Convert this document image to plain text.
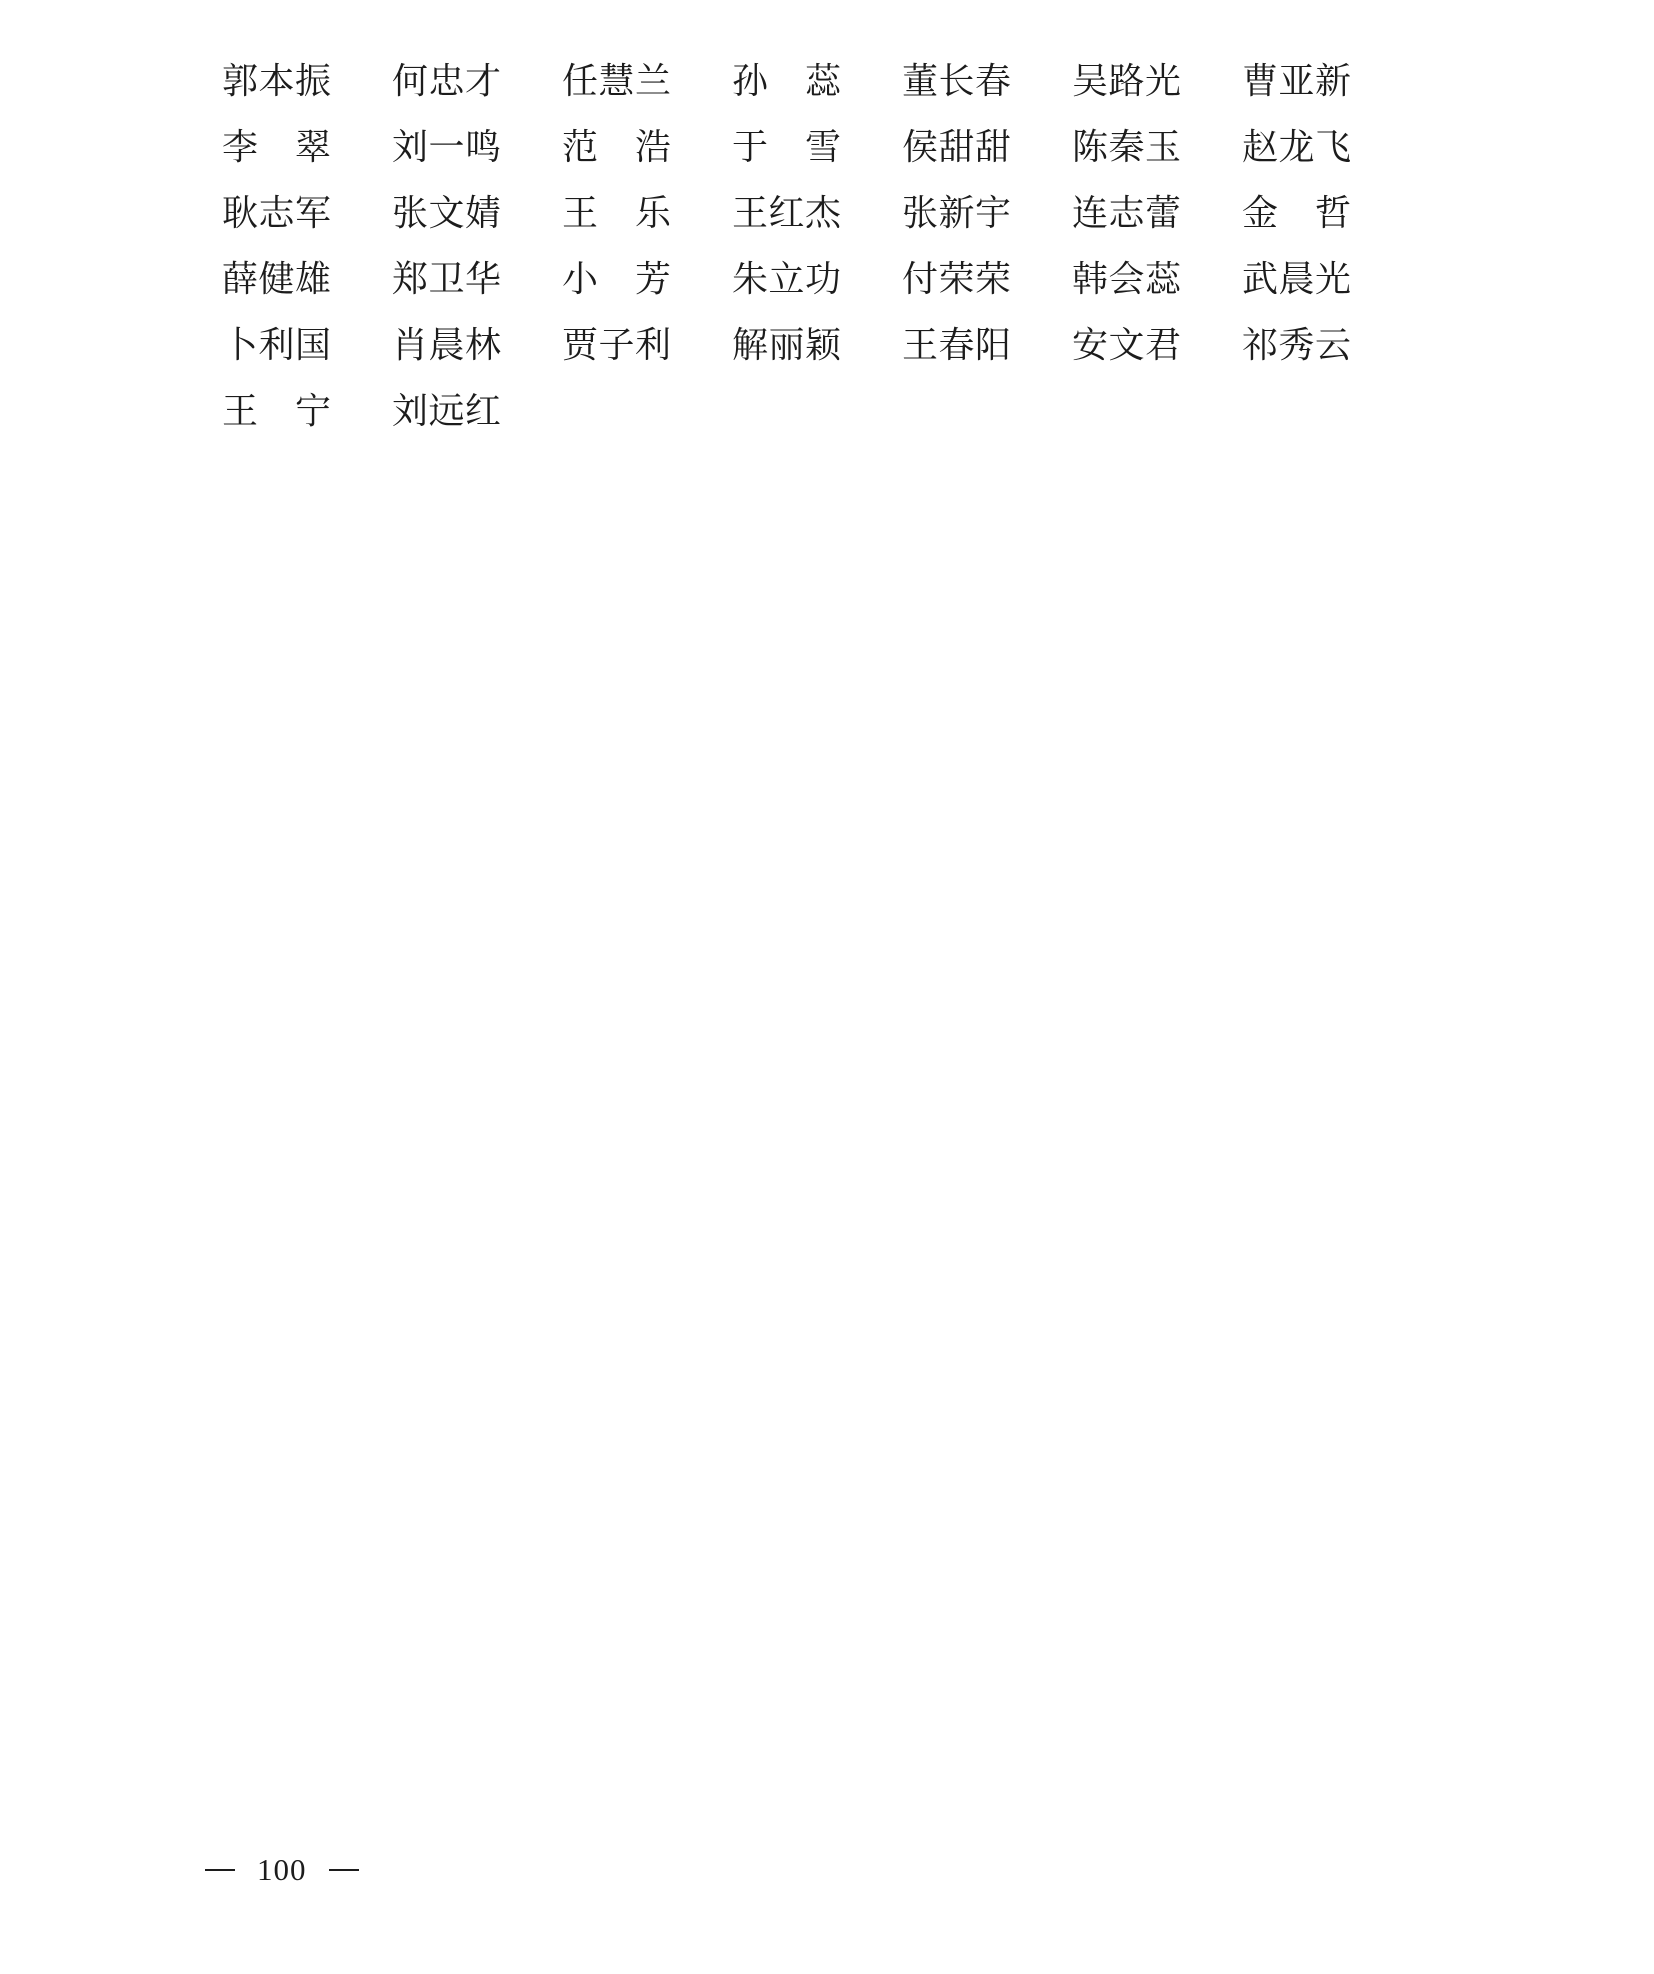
郭本振	何忠才	任慧兰	孙　蕊	董长春	吴路光	曹亚新
李　翠	刘一鸣	范　浩	于　雪	侯甜甜	陈秦玉	赵龙飞
耿志军	张文婧	王　乐	王红杰	张新宇	连志蕾	金　哲
薛健雄	郑卫华	小　芳	朱立功	付荣荣	韩会蕊	武晨光
卜利国	肖晨林	贾子利	解丽颖	王春阳	安文君	祁秀云
王　宁	刘远红
100
